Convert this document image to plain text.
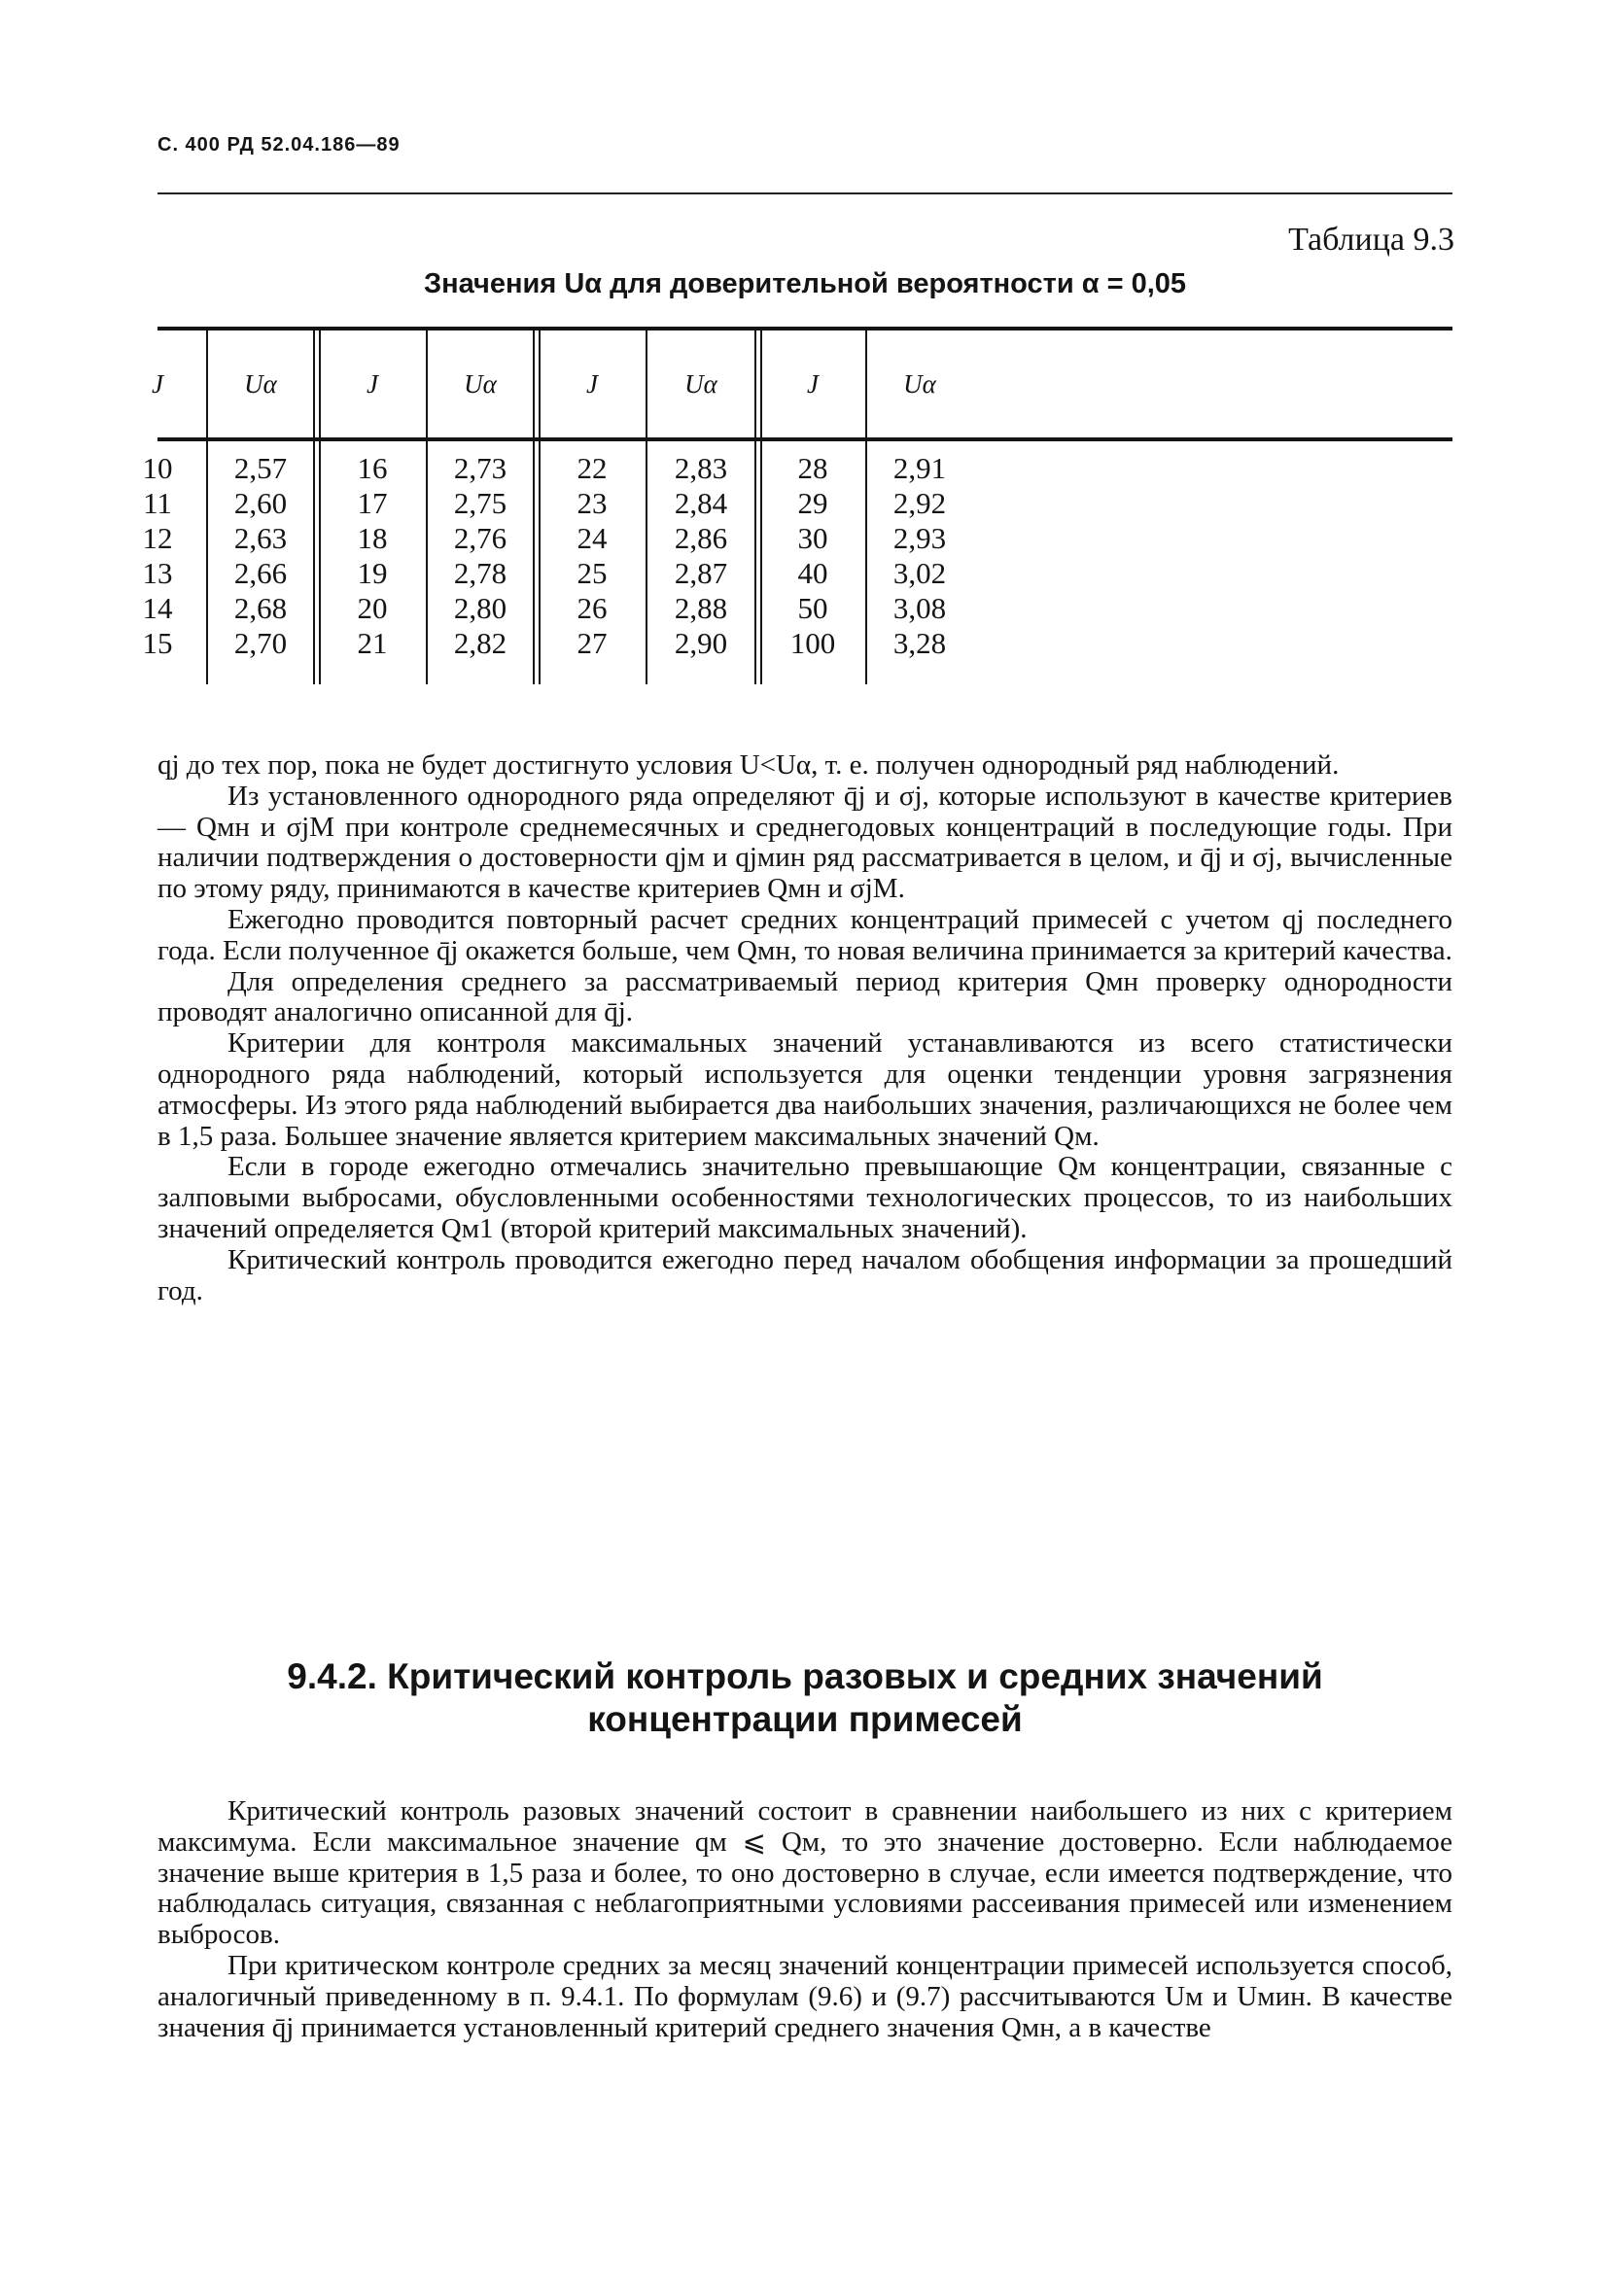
С. 400 РД 52.04.186—89
Таблица 9.3
Значения Uα для доверительной вероятности α = 0,05
J
10
11
12
13
14
15
Uα
2,57
2,60
2,63
2,66
2,68
2,70
J
16
17
18
19
20
21
Uα
2,73
2,75
2,76
2,78
2,80
2,82
J
22
23
24
25
26
27
Uα
2,83
2,84
2,86
2,87
2,88
2,90
J
28
29
30
40
50
100
Uα
2,91
2,92
2,93
3,02
3,08
3,28

qj до тех пор, пока не будет достигнуто условия U<Uα, т. е. получен однородный ряд наблюдений.

Из установленного однородного ряда определяют q̄j и σj, которые используют в качестве критериев — Qмн и σjМ при контроле среднемесячных и среднегодовых концентраций в последующие годы. При наличии подтверждения о достоверности qjм и qjмин ряд рассматривается в целом, и q̄j и σj, вычисленные по этому ряду, принимаются в качестве критериев Qмн и σjМ.

Ежегодно проводится повторный расчет средних концентраций примесей с учетом qj последнего года. Если полученное q̄j окажется больше, чем Qмн, то новая величина принимается за критерий качества.

Для определения среднего за рассматриваемый период критерия Qмн проверку однородности проводят аналогично описанной для q̄j.

Критерии для контроля максимальных значений устанавливаются из всего статистически однородного ряда наблюдений, который используется для оценки тенденции уровня загрязнения атмосферы. Из этого ряда наблюдений выбирается два наибольших значения, различающихся не более чем в 1,5 раза. Большее значение является критерием максимальных значений Qм.

Если в городе ежегодно отмечались значительно превышающие Qм концентрации, связанные с залповыми выбросами, обусловленными особенностями технологических процессов, то из наибольших значений определяется Qм1 (второй критерий максимальных значений).

Критический контроль проводится ежегодно перед началом обобщения информации за прошедший год.

9.4.2. Критический контроль разовых и средних значений концентрации примесей

Критический контроль разовых значений состоит в сравнении наибольшего из них с критерием максимума. Если максимальное значение qм ⩽ Qм, то это значение достоверно. Если наблюдаемое значение выше критерия в 1,5 раза и более, то оно достоверно в случае, если имеется подтверждение, что наблюдалась ситуация, связанная с неблагоприятными условиями рассеивания примесей или изменением выбросов.

При критическом контроле средних за месяц значений концентрации примесей используется способ, аналогичный приведенному в п. 9.4.1. По формулам (9.6) и (9.7) рассчитываются Uм и Uмин. В качестве значения q̄j принимается установленный критерий среднего значения Qмн, а в качестве
